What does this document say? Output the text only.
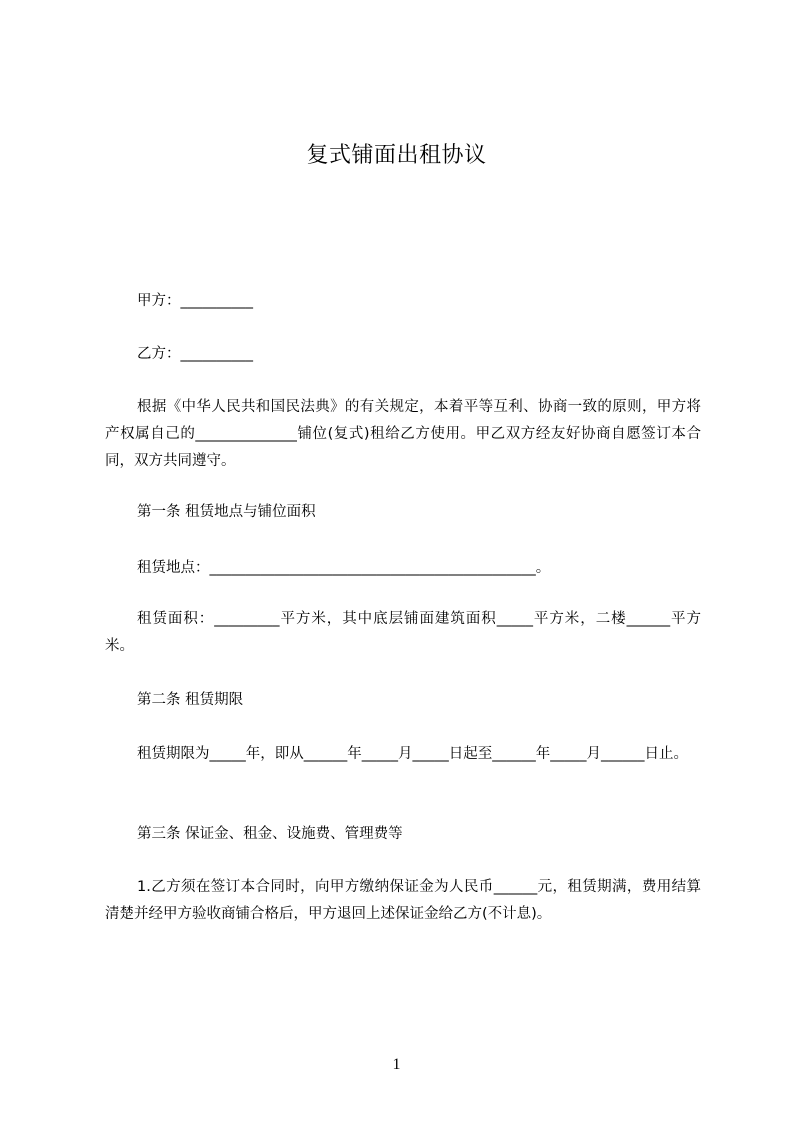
复式铺面出租协议
甲方：__________
乙方：__________
根据《中华人民共和国民法典》的有关规定，本着平等互利、协商一致的原则，甲方将产权属自己的______________铺位(复式)租给乙方使用。甲乙双方经友好协商自愿签订本合同，双方共同遵守。
第一条 租赁地点与铺位面积
租赁地点：_____________________________________________。
租赁面积：_________平方米，其中底层铺面建筑面积_____平方米，二楼______平方米。
第二条 租赁期限
租赁期限为_____年，即从______年_____月_____日起至______年_____月______日止。
第三条 保证金、租金、设施费、管理费等
1.乙方须在签订本合同时，向甲方缴纳保证金为人民币______元，租赁期满，费用结算清楚并经甲方验收商铺合格后，甲方退回上述保证金给乙方(不计息)。
1
